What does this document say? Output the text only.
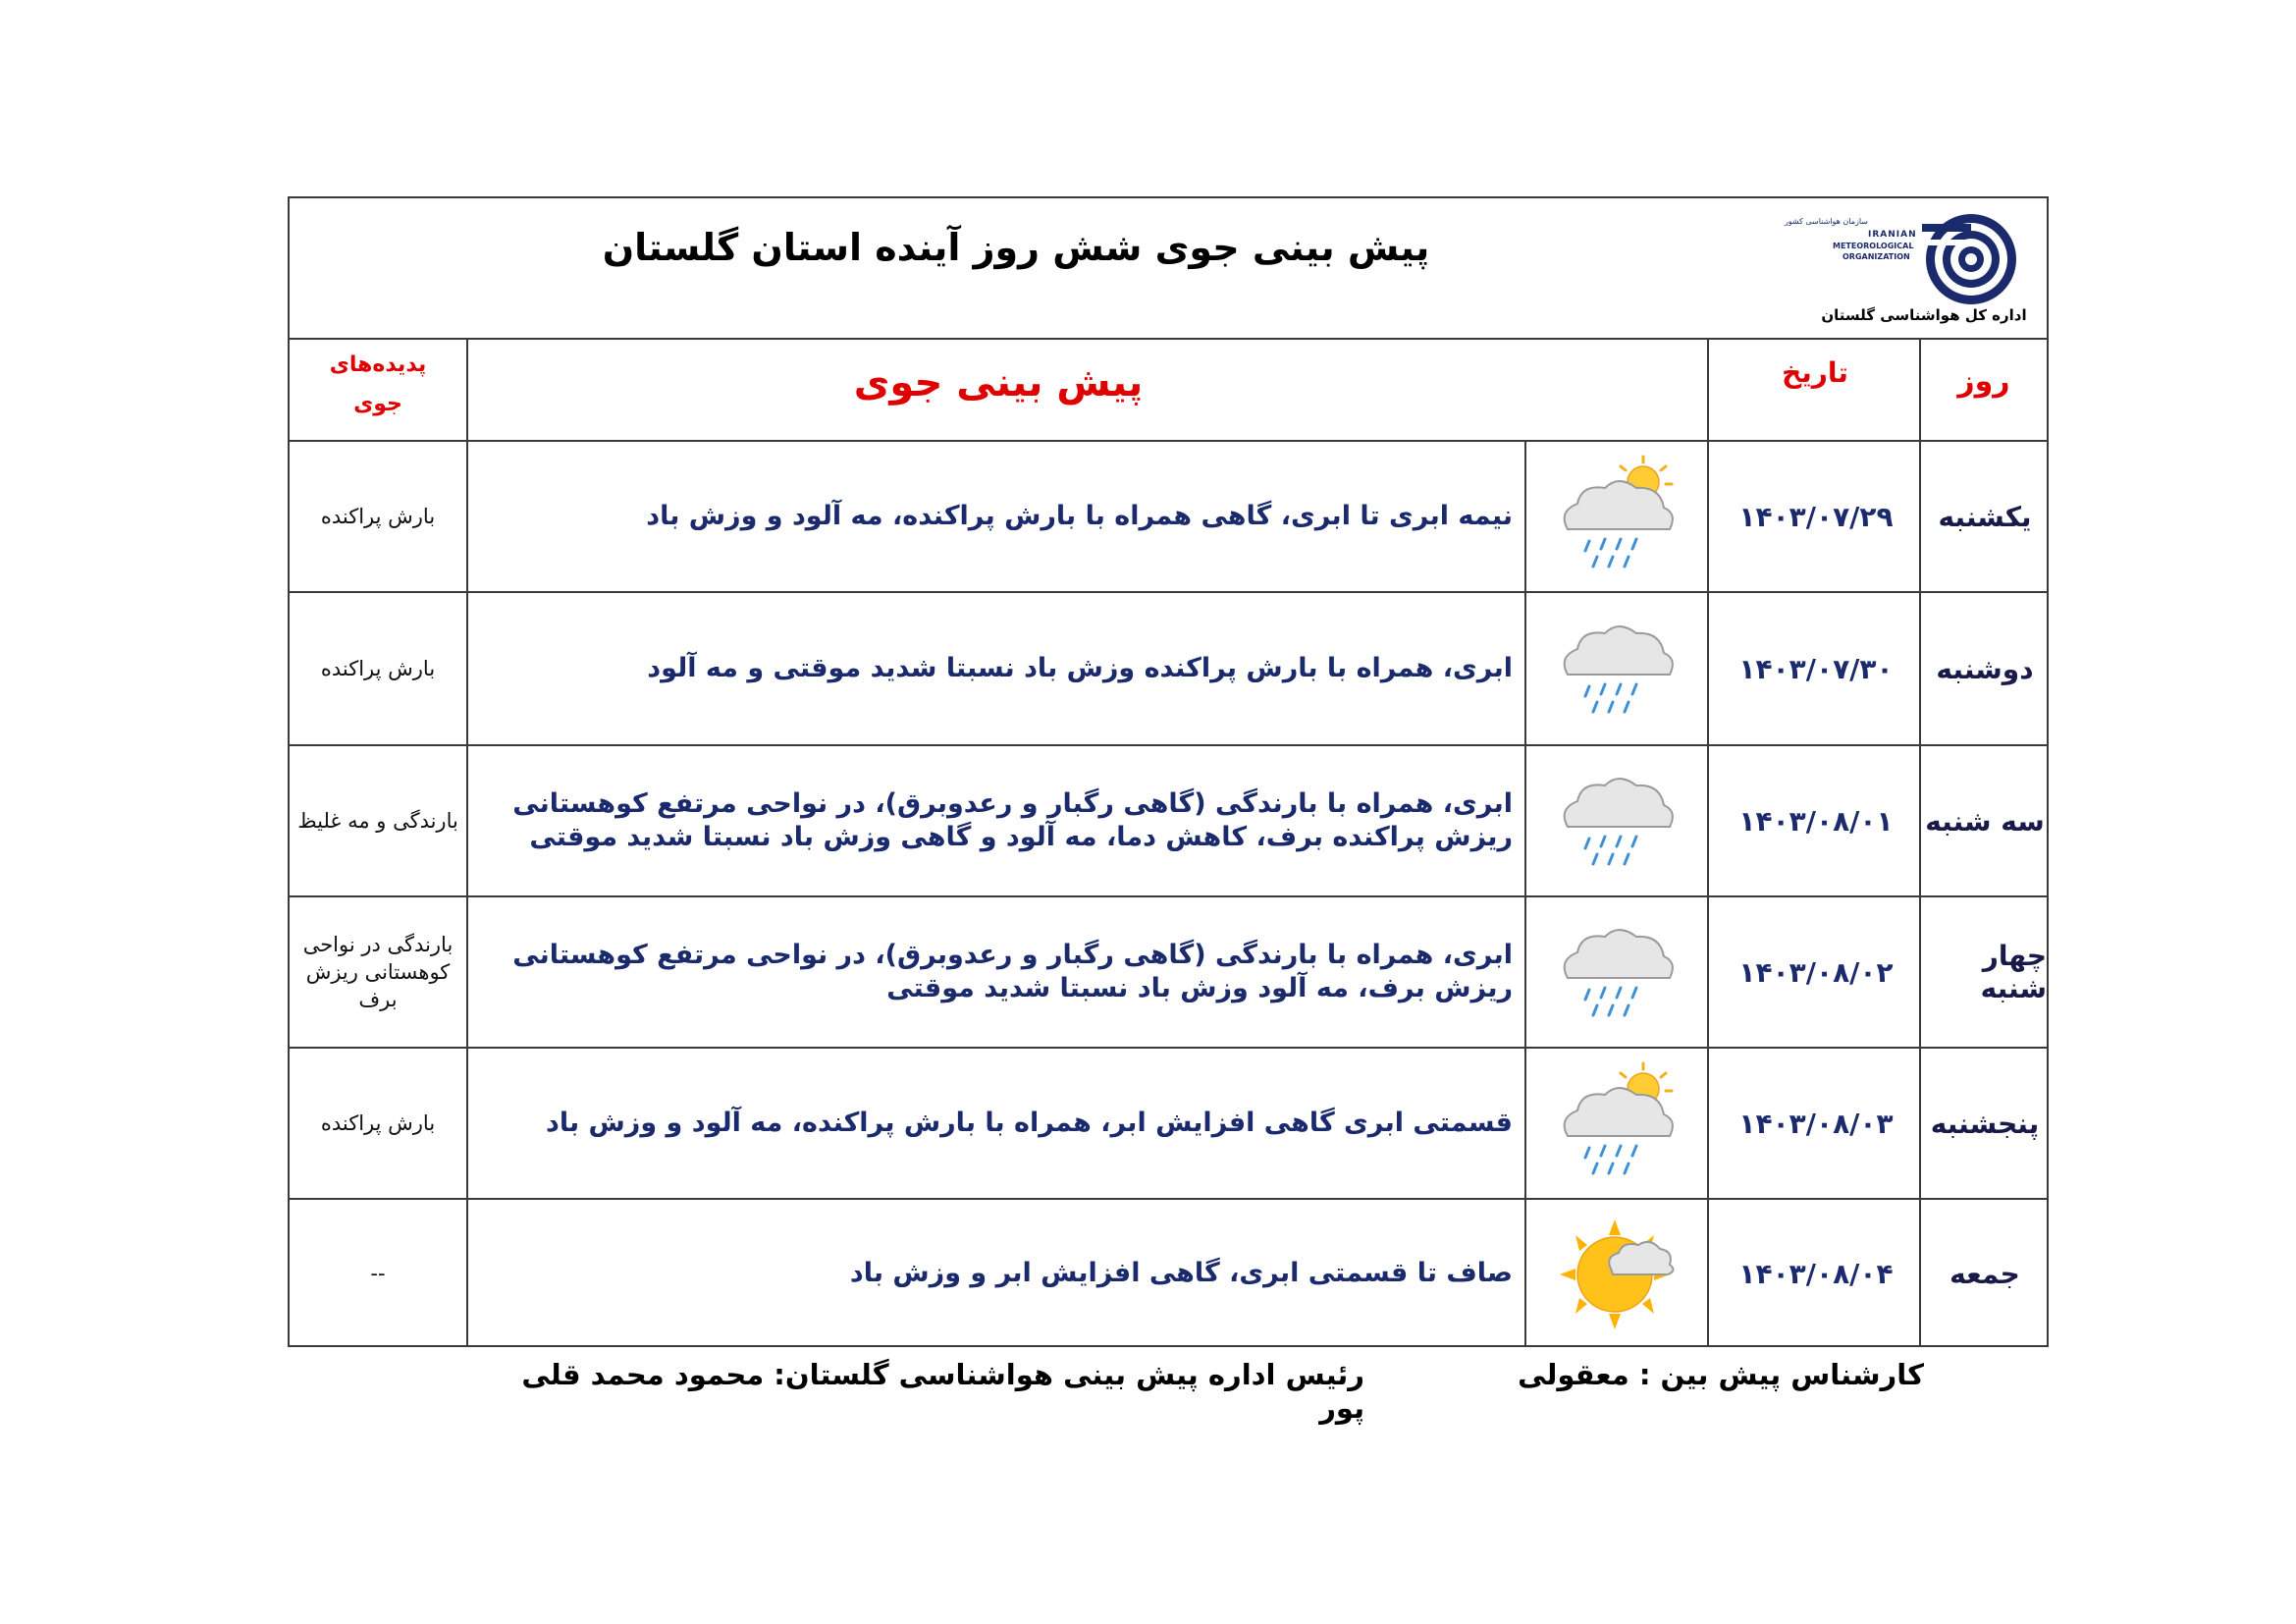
پیش بینی جوی شش روز آینده استان گلستان
سازمان هواشناسی کشور
IRANIAN
METEOROLOGICAL
ORGANIZATION
اداره کل هواشناسی گلستان
روز
تاریخ
پیش بینی جوی
پدیده‌های
جوی
یکشنبه
۱۴۰۳/۰۷/۲۹
نیمه ابری تا ابری، گاهی همراه با بارش پراکنده، مه آلود و وزش باد
بارش پراکنده
دوشنبه
۱۴۰۳/۰۷/۳۰
ابری، همراه با بارش پراکنده وزش باد نسبتا شدید موقتی و مه آلود
بارش پراکنده
سه شنبه
۱۴۰۳/۰۸/۰۱
ابری، همراه با بارندگی (گاهی رگبار و رعدوبرق)، در نواحی مرتفع کوهستانی ریزش پراکنده برف، کاهش دما، مه آلود و گاهی وزش باد نسبتا شدید موقتی
بارندگی و مه غلیظ
چهار شنبه
۱۴۰۳/۰۸/۰۲
ابری، همراه با بارندگی (گاهی رگبار و رعدوبرق)، در نواحی مرتفع کوهستانی ریزش برف، مه آلود وزش باد نسبتا شدید موقتی
بارندگی در نواحی کوهستانی ریزش برف
پنجشنبه
۱۴۰۳/۰۸/۰۳
قسمتی ابری گاهی افزایش ابر، همراه با بارش پراکنده، مه آلود و وزش باد
بارش پراکنده
جمعه
۱۴۰۳/۰۸/۰۴
صاف تا قسمتی ابری، گاهی افزایش ابر و وزش باد
--
کارشناس پیش بین : معقولی
رئیس اداره پیش بینی هواشناسی گلستان: محمود محمد قلی پور
